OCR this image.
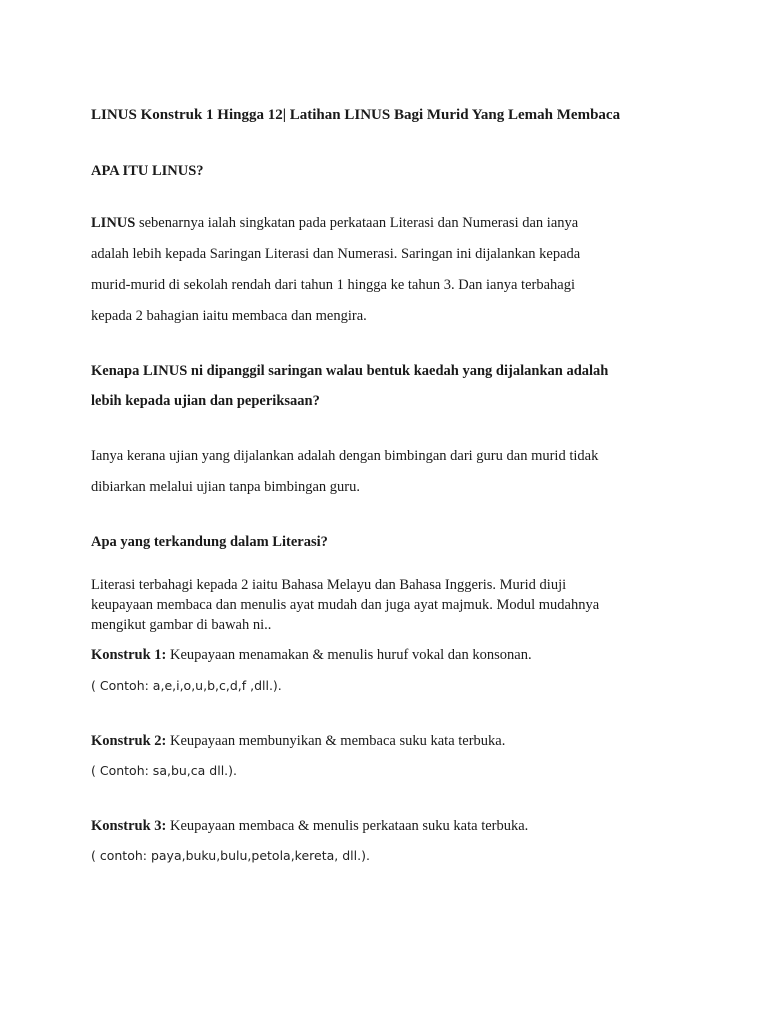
LINUS Konstruk 1 Hingga 12| Latihan LINUS Bagi Murid Yang Lemah Membaca
APA ITU LINUS?
LINUS sebenarnya ialah singkatan pada perkataan Literasi dan Numerasi dan ianya
adalah lebih kepada Saringan Literasi dan Numerasi. Saringan ini dijalankan kepada
murid-murid di sekolah rendah dari tahun 1 hingga ke tahun 3. Dan ianya terbahagi
kepada 2 bahagian iaitu membaca dan mengira.
Kenapa LINUS ni dipanggil saringan walau bentuk kaedah yang dijalankan adalah
lebih kepada ujian dan peperiksaan?
Ianya kerana ujian yang dijalankan adalah dengan bimbingan dari guru dan murid tidak
dibiarkan melalui ujian tanpa bimbingan guru.
Apa yang terkandung dalam Literasi?
Literasi terbahagi kepada 2 iaitu Bahasa Melayu dan Bahasa Inggeris. Murid diuji
keupayaan membaca dan menulis ayat mudah dan juga ayat majmuk. Modul mudahnya
mengikut gambar di bawah ni..
Konstruk 1: Keupayaan menamakan & menulis huruf vokal dan konsonan.
( Contoh: a,e,i,o,u,b,c,d,f ,dll.).
Konstruk 2: Keupayaan membunyikan & membaca suku kata terbuka.
( Contoh: sa,bu,ca dll.).
Konstruk 3: Keupayaan membaca & menulis perkataan suku kata terbuka.
( contoh: paya,buku,bulu,petola,kereta, dll.).
